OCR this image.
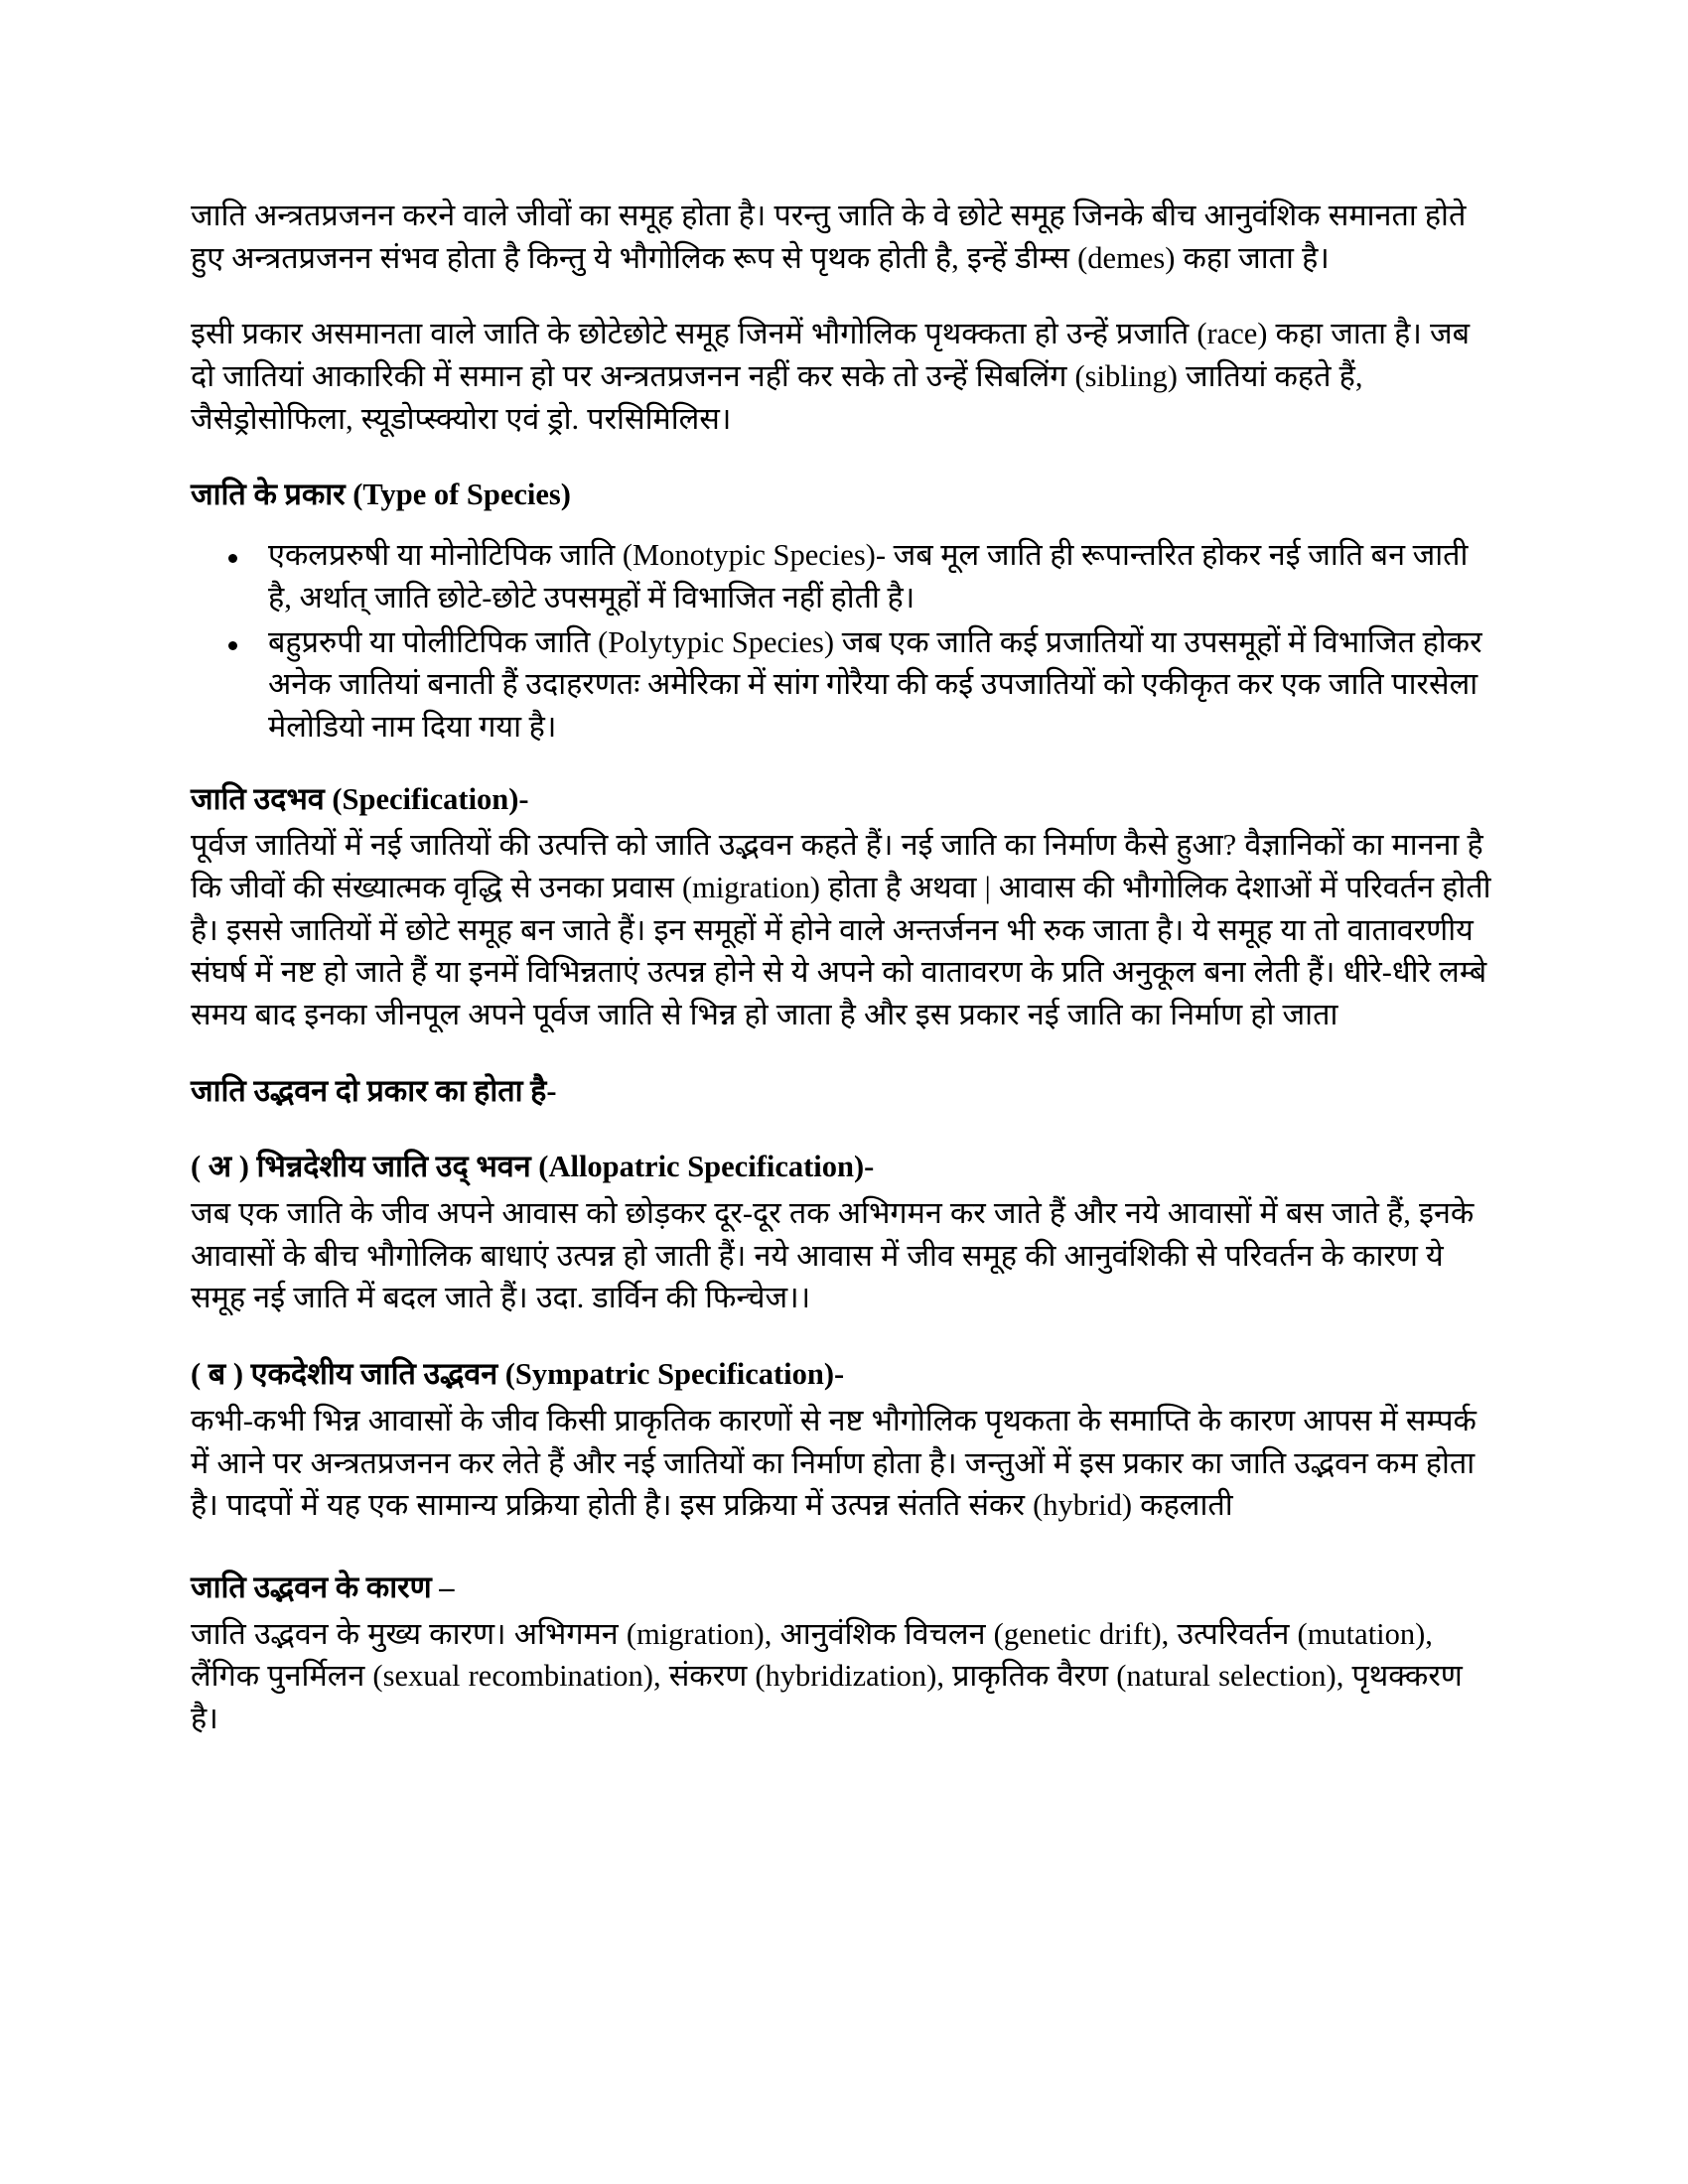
जाति अन्त्रतप्रजनन करने वाले जीवों का समूह होता है। परन्तु जाति के वे छोटे समूह जिनके बीच आनुवंशिक समानता होते हुए अन्त्रतप्रजनन संभव होता है किन्तु ये भौगोलिक रूप से पृथक होती है, इन्हें डीम्स (demes) कहा जाता है।

इसी प्रकार असमानता वाले जाति के छोटेछोटे समूह जिनमें भौगोलिक पृथक्कता हो उन्हें प्रजाति (race) कहा जाता है। जब दो जातियां आकारिकी में समान हो पर अन्त्रतप्रजनन नहीं कर सके तो उन्हें सिबलिंग (sibling) जातियां कहते हैं, जैसेड्रोसोफिला, स्यूडोप्स्क्योरा एवं ड्रो. परसिमिलिस।

जाति के प्रकार (Type of Species)
एकलप्ररुषी या मोनोटिपिक जाति (Monotypic Species)- जब मूल जाति ही रूपान्तरित होकर नई जाति बन जाती है, अर्थात् जाति छोटे-छोटे उपसमूहों में विभाजित नहीं होती है।
बहुप्ररुपी या पोलीटिपिक जाति (Polytypic Species) जब एक जाति कई प्रजातियों या उपसमूहों में विभाजित होकर अनेक जातियां बनाती हैं उदाहरणतः अमेरिका में सांग गोरैया की कई उपजातियों को एकीकृत कर एक जाति पारसेला मेलोडियो नाम दिया गया है।
जाति उदभव (Specification)-

पूर्वज जातियों में नई जातियों की उत्पत्ति को जाति उद्भवन कहते हैं। नई जाति का निर्माण कैसे हुआ? वैज्ञानिकों का मानना है कि जीवों की संख्यात्मक वृद्धि से उनका प्रवास (migration) होता है अथवा | आवास की भौगोलिक देशाओं में परिवर्तन होती है। इससे जातियों में छोटे समूह बन जाते हैं। इन समूहों में होने वाले अन्तर्जनन भी रुक जाता है। ये समूह या तो वातावरणीय संघर्ष में नष्ट हो जाते हैं या इनमें विभिन्नताएं उत्पन्न होने से ये अपने को वातावरण के प्रति अनुकूल बना लेती हैं। धीरे-धीरे लम्बे समय बाद इनका जीनपूल अपने पूर्वज जाति से भिन्न हो जाता है और इस प्रकार नई जाति का निर्माण हो जाता

जाति उद्भवन दो प्रकार का होता है-
( अ ) भिन्नदेशीय जाति उद् भवन (Allopatric Specification)-

जब एक जाति के जीव अपने आवास को छोड़कर दूर-दूर तक अभिगमन कर जाते हैं और नये आवासों में बस जाते हैं, इनके आवासों के बीच भौगोलिक बाधाएं उत्पन्न हो जाती हैं। नये आवास में जीव समूह की आनुवंशिकी से परिवर्तन के कारण ये समूह नई जाति में बदल जाते हैं। उदा. डार्विन की फिन्चेज।।

( ब ) एकदेशीय जाति उद्भवन (Sympatric Specification)-

कभी-कभी भिन्न आवासों के जीव किसी प्राकृतिक कारणों से नष्ट भौगोलिक पृथकता के समाप्ति के कारण आपस में सम्पर्क में आने पर अन्त्रतप्रजनन कर लेते हैं और नई जातियों का निर्माण होता है। जन्तुओं में इस प्रकार का जाति उद्भवन कम होता है। पादपों में यह एक सामान्य प्रक्रिया होती है। इस प्रक्रिया में उत्पन्न संतति संकर (hybrid) कहलाती

जाति उद्भवन के कारण –

जाति उद्भवन के मुख्य कारण। अभिगमन (migration), आनुवंशिक विचलन (genetic drift), उत्परिवर्तन (mutation), लैंगिक पुनर्मिलन (sexual recombination), संकरण (hybridization), प्राकृतिक वैरण (natural selection), पृथक्करण है।
